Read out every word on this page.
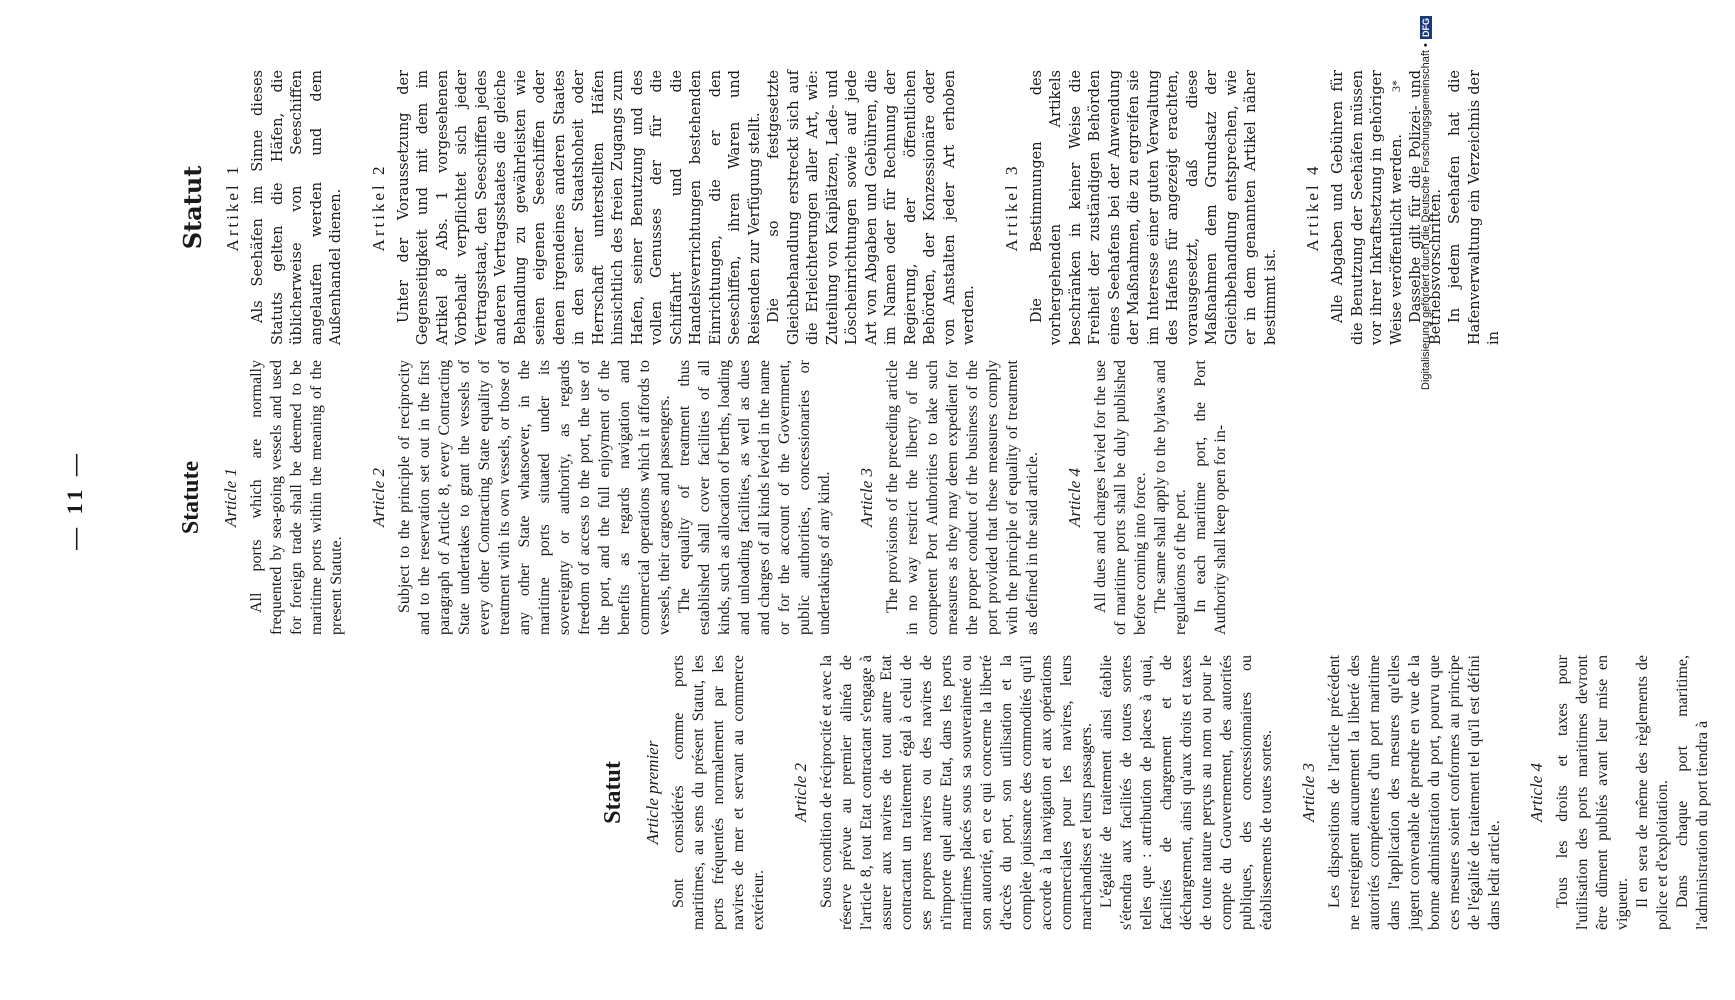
— 11 —
Statut Article premier Sont considérés comme ports maritimes, au sens du présent Statut, les ports fréquentés normalement par les navires de mer et servant au commerce extérieur.

Article 2 Sous condition de réciprocité et avec la réserve prévue au premier alinéa de l'article 8, tout Etat contractant s'engage à assurer aux navires de tout autre Etat contractant un traitement égal à celui de ses propres navires ou des navires de n'importe quel autre Etat, dans les ports maritimes placés sous sa souveraineté ou son autorité, en ce qui concerne la liberté d'accès du port, son utilisation et la complète jouissance des commodités qu'il accorde à la navigation et aux opérations commerciales pour les navires, leurs marchandises et leurs passagers. L'égalité de traitement ainsi établie s'étendra aux facilités de toutes sortes telles que : attribution de places à quai, facilités de chargement et de déchargement, ainsi qu'aux droits et taxes de toute nature perçus au nom ou pour le compte du Gouvernement, des autorités publiques, des concessionnaires ou établissements de toutes sortes. Article 3 Les dispositions de l'article précédent ne restreignent aucunement la liberté des autorités compétentes d'un port maritime dans l'application des mesures qu'elles jugent convenable de prendre en vue de la bonne administration du port, pourvu que ces mesures soient conformes au principe de l'égalité de traitement tel qu'il est défini dans ledit article.

Article 4 Tous les droits et taxes pour l'utilisation des ports maritimes devront être dûment publiés avant leur mise en vigueur. Il en sera de même des règlements de police et d'exploitation. Dans chaque port maritime, l'administration du port tiendra à

Statute Article 1 All ports which are normally frequented by sea-going vessels and used for foreign trade shall be deemed to be maritime ports within the meaning of the present Statute.

Article 2 Subject to the principle of reciprocity and to the reservation set out in the first paragraph of Article 8, every Contracting State undertakes to grant the vessels of every other Contracting State equality of treatment with its own vessels, or those of any other State whatsoever, in the maritime ports situated under its sovereignty or authority, as regards freedom of access to the port, the use of the port, and the full enjoyment of the benefits as regards navigation and commercial operations which it affords to vessels, their cargoes and passengers. The equality of treatment thus established shall cover facilities of all kinds, such as allocation of berths, loading and unloading facilities, as well as dues and charges of all kinds levied in the name or for the account of the Government, public authorities, concessionaries or undertakings of any kind. Article 3 The provisions of the preceding article in no way restrict the liberty of the competent Port Authorities to take such measures as they may deem expedient for the proper conduct of the business of the port provided that these measures comply with the principle of equality of treatment as defined in the said article. Article 4 All dues and charges levied for the use of maritime ports shall be duly published before coming into force. The same shall apply to the bylaws and regulations of the port. In each maritime port, the Port Authority shall keep open for in-

Statut Artikel 1 Als Seehäfen im Sinne dieses Statuts gelten die Häfen, die üblicherweise von Seeschiffen angelaufen werden und dem Außenhandel dienen. Artikel 2 Unter der Voraussetzung der Gegenseitigkeit und mit dem im Artikel 8 Abs. 1 vorgesehenen Vorbehalt verpflichtet sich jeder Vertragsstaat, den Seeschiffen jedes anderen Vertragsstaates die gleiche Behandlung zu gewährleisten wie seinen eigenen Seeschiffen oder denen irgendeines anderen Staates in den seiner Staatshoheit oder Herrschaft unterstellten Häfen hinsichtlich des freien Zugangs zum Hafen, seiner Benutzung und des vollen Genusses der für die Schiffahrt und die Handelsverrichtungen bestehenden Einrichtungen, die er den Seeschiffen, ihren Waren und Reisenden zur Verfügung stellt. Die so festgesetzte Gleichbehandlung erstreckt sich auf die Erleichterungen aller Art, wie: Zuteilung von Kaiplätzen, Lade- und Löscheinrichtungen sowie auf jede Art von Abgaben und Gebühren, die im Namen oder für Rechnung der Regierung, der öffentlichen Behörden, der Konzessionäre oder von Anstalten jeder Art erhoben werden.

Artikel 3 Die Bestimmungen des vorhergehenden Artikels beschränken in keiner Weise die Freiheit der zuständigen Behörden eines Seehafens bei der Anwendung der Maßnahmen, die zu ergreifen sie im Interesse einer guten Verwaltung des Hafens für angezeigt erachten, vorausgesetzt, daß diese Maßnahmen dem Grundsatz der Gleichbehandlung entsprechen, wie er in dem genannten Artikel näher bestimmt ist.

Artikel 4 Alle Abgaben und Gebühren für die Benutzung der Seehäfen müssen vor ihrer Inkraftsetzung in gehöriger Weise veröffentlicht werden. Dasselbe gilt für die Polizei- und Betriebsvorschriften. In jedem Seehafen hat die Hafenverwaltung ein Verzeichnis der in

3* Digitalisierung gefördert durch die Deutsche Forschungsgemeinschaft •
DFG
